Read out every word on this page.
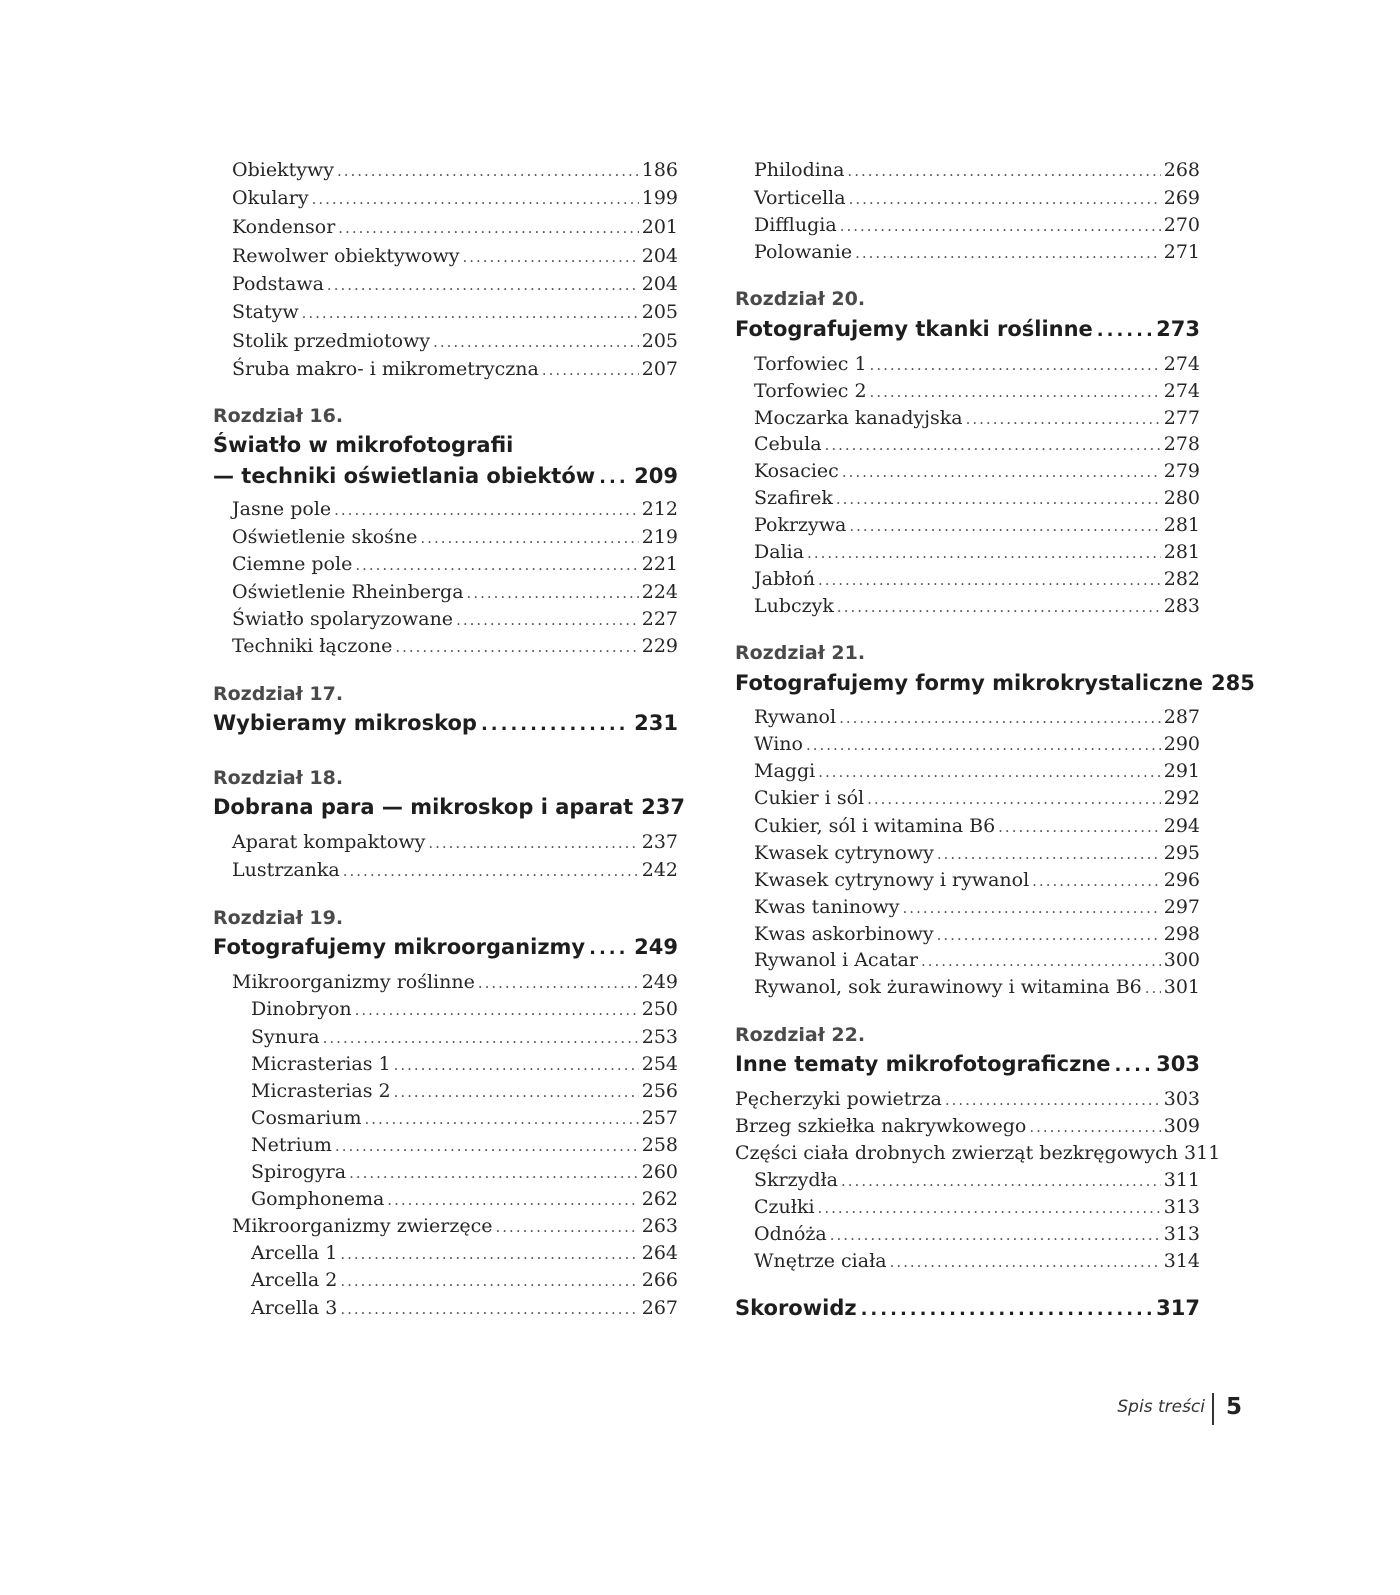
Obiektywy .....	186
Okulary .....	199
Kondensor .....	201
Rewolwer obiektywowy .....	204
Podstawa .....	204
Statyw .....	205
Stolik przedmiotowy .....	205
Śruba makro- i mikrometryczna .....	207
Rozdział 16.
Światło w mikrofotografii
— techniki oświetlania obiektów ..... 209
Jasne pole .....	212
Oświetlenie skośne .....	219
Ciemne pole .....	221
Oświetlenie Rheinberga .....	224
Światło spolaryzowane .....	227
Techniki łączone .....	229
Rozdział 17.
Wybieramy mikroskop .....	231
Rozdział 18.
Dobrana para — mikroskop i aparat 237
Aparat kompaktowy .....	237
Lustrzanka .....	242
Rozdział 19.
Fotografujemy mikroorganizmy ..... 249
Mikroorganizmy roślinne .....	249
Dinobryon .....	250
Synura .....	253
Micrasterias 1 .....	254
Micrasterias 2 .....	256
Cosmarium .....	257
Netrium .....	258
Spirogyra .....	260
Gomphonema .....	262
Mikroorganizmy zwierzęce .....	263
Arcella 1 .....	264
Arcella 2 .....	266
Arcella 3 .....	267
Philodina .....	268
Vorticella .....	269
Difflugia .....	270
Polowanie .....	271
Rozdział 20.
Fotografujemy tkanki roślinne .....	273
Torfowiec 1 .....	274
Torfowiec 2 .....	274
Moczarka kanadyjska .....	277
Cebula .....	278
Kosaciec .....	279
Szafirek .....	280
Pokrzywa .....	281
Dalia .....	281
Jabłoń .....	282
Lubczyk .....	283
Rozdział 21.
Fotografujemy formy mikrokrystaliczne 285
Rywanol .....	287
Wino .....	290
Maggi .....	291
Cukier i sól .....	292
Cukier, sól i witamina B6 .....	294
Kwasek cytrynowy .....	295
Kwasek cytrynowy i rywanol .....	296
Kwas taninowy .....	297
Kwas askorbinowy .....	298
Rywanol i Acatar .....	300
Rywanol, sok żurawinowy i witamina B6 ..... 301
Rozdział 22.
Inne tematy mikrofotograficzne ..... 303
Pęcherzyki powietrza .....	303
Brzeg szkiełka nakrywkowego .....	309
Części ciała drobnych zwierząt bezkręgowych 311
Skrzydła .....	311
Czułki .....	313
Odnóża .....	313
Wnętrze ciała .....	314
Skorowidz .....	317
Spis treści 5
